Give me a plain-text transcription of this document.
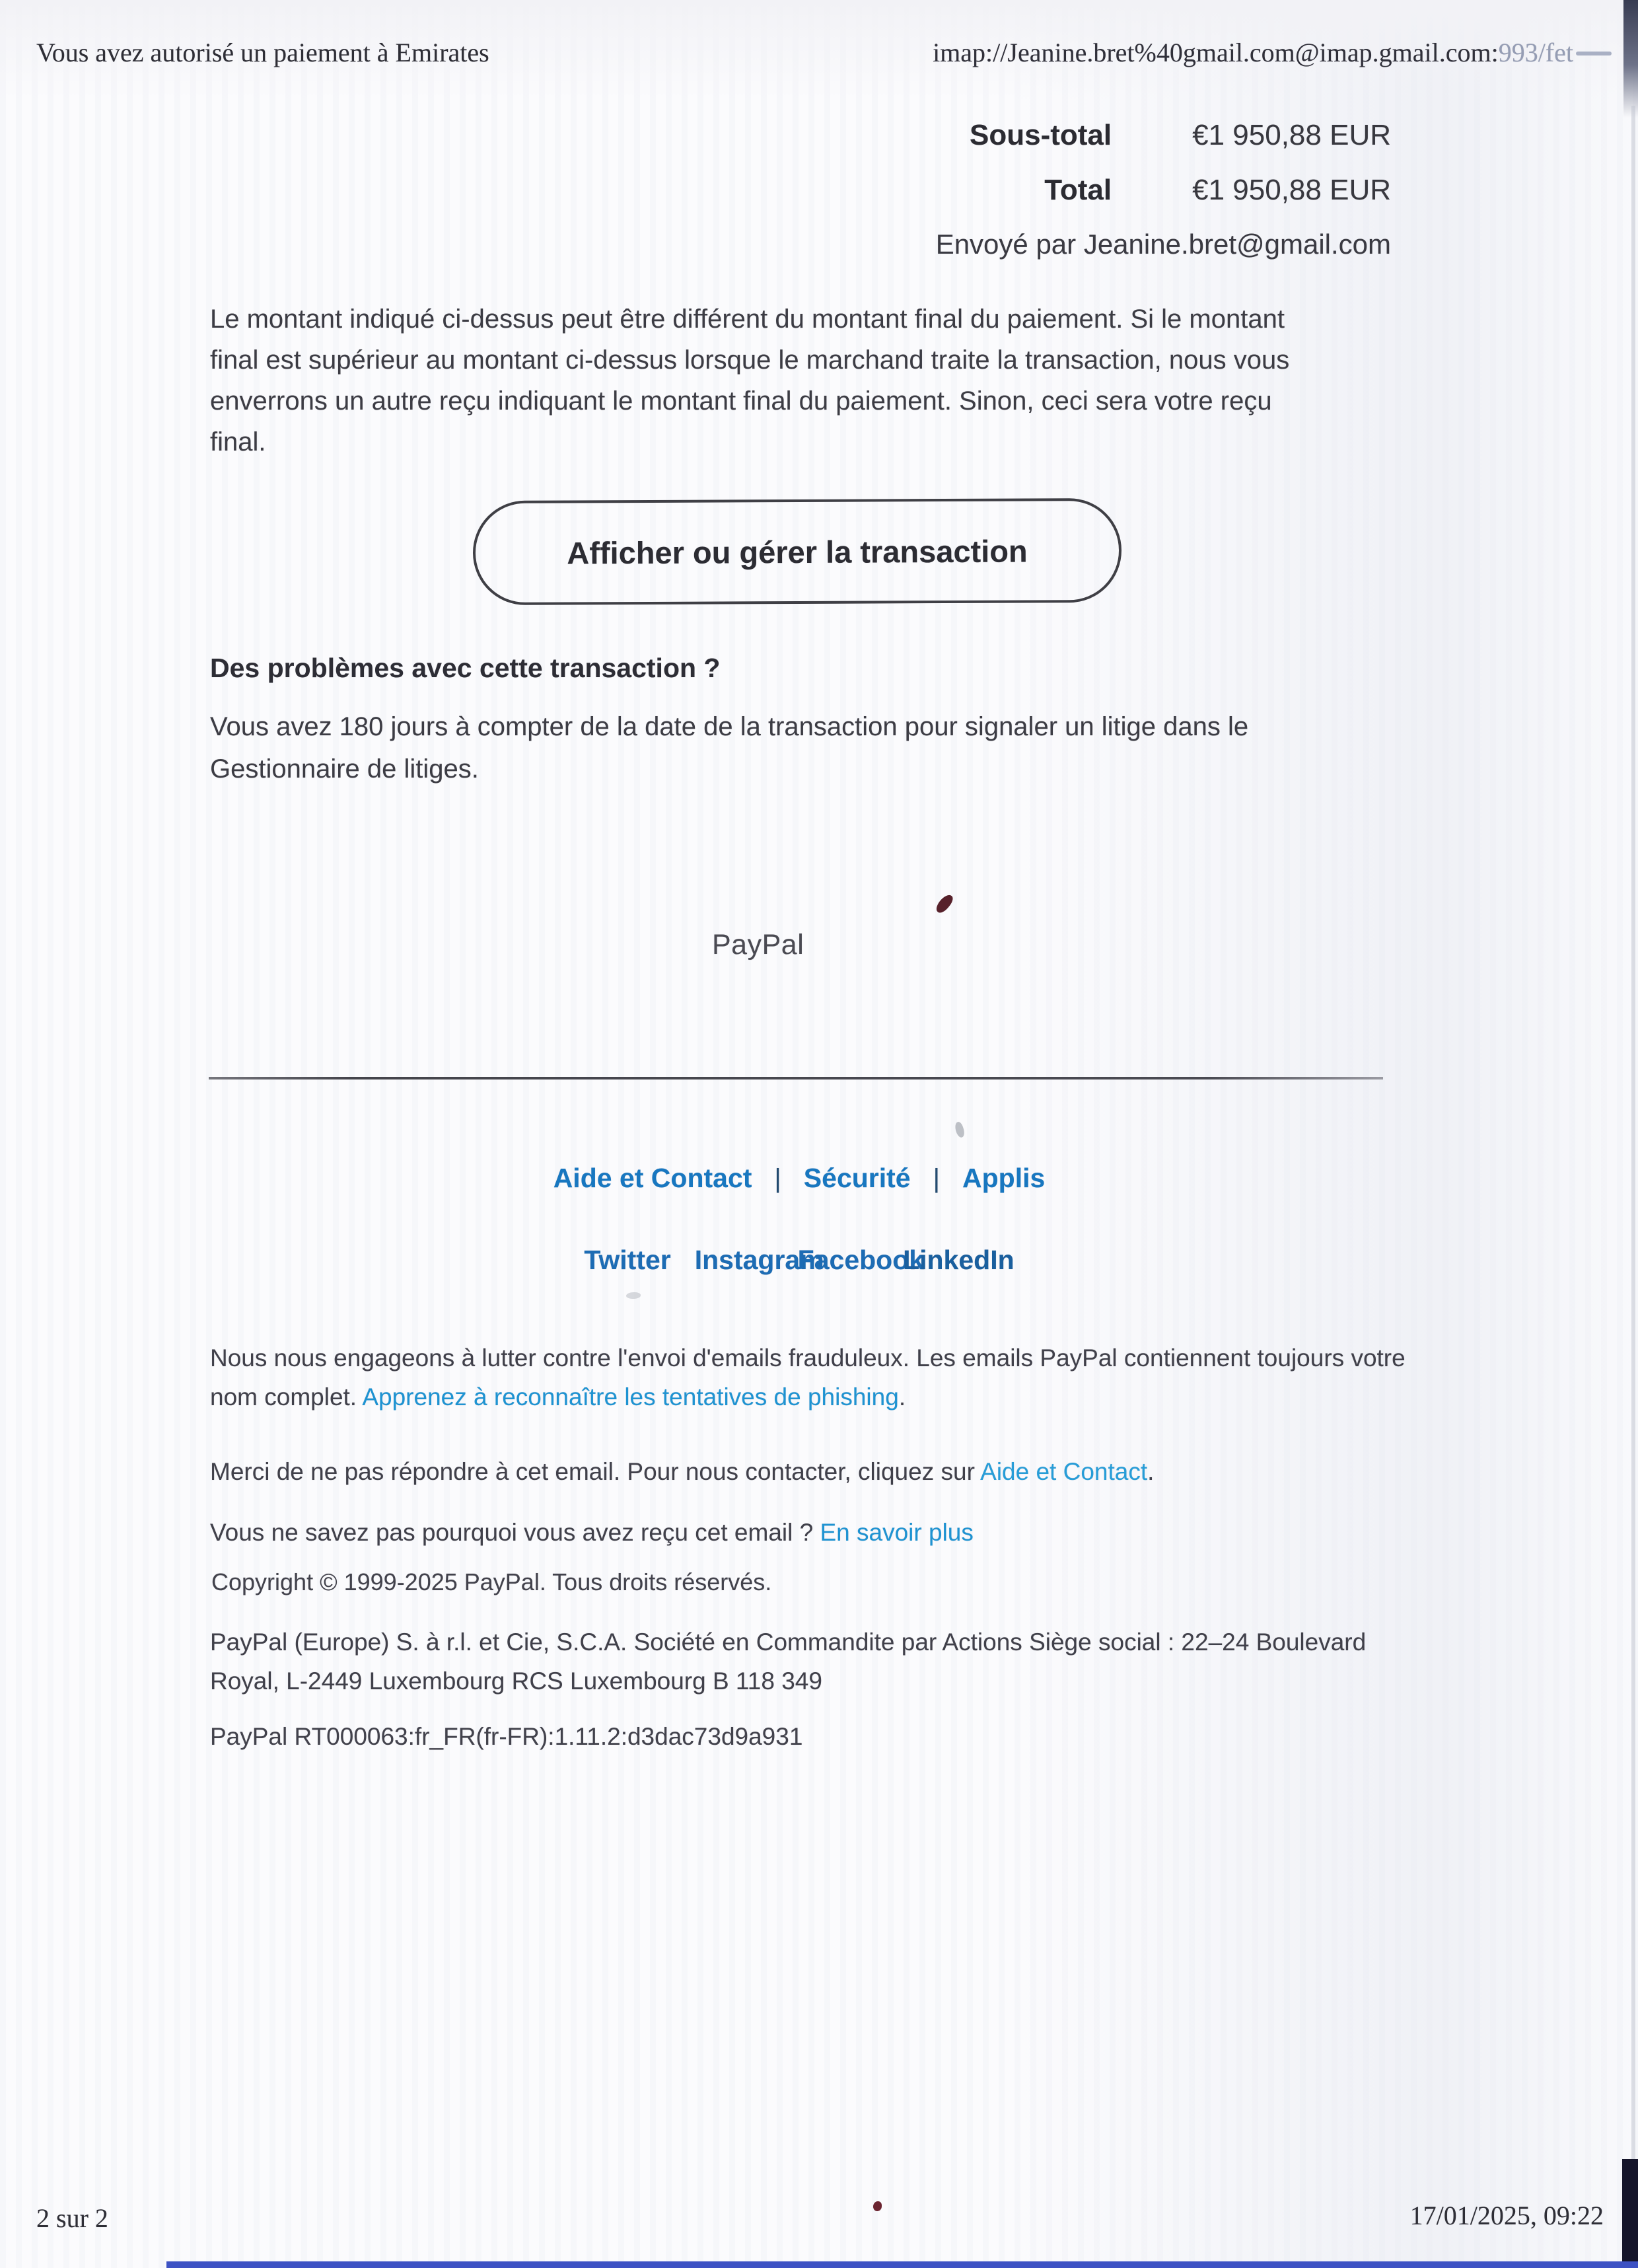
Vous avez autorisé un paiement à Emirates	imap://Jeanine.bret%40gmail.com@imap.gmail.com:993/fet
Sous-total	€1 950,88 EUR
Total	€1 950,88 EUR
Envoyé par Jeanine.bret@gmail.com
Le montant indiqué ci-dessus peut être différent du montant final du paiement. Si le montant
final est supérieur au montant ci-dessus lorsque le marchand traite la transaction, nous vous
enverrons un autre reçu indiquant le montant final du paiement. Sinon, ceci sera votre reçu
final.
Afficher ou gérer la transaction
Des problèmes avec cette transaction ?
Vous avez 180 jours à compter de la date de la transaction pour signaler un litige dans le
Gestionnaire de litiges.
PayPal
Aide et Contact | Sécurité | Applis
Twitter Instagram
Facebook
LinkedIn
Nous nous engageons à lutter contre l'envoi d'emails frauduleux. Les emails PayPal contiennent toujours votre
nom complet. Apprenez à reconnaître les tentatives de phishing.
Merci de ne pas répondre à cet email. Pour nous contacter, cliquez sur Aide et Contact.
Vous ne savez pas pourquoi vous avez reçu cet email ? En savoir plus
Copyright © 1999-2025 PayPal. Tous droits réservés.
PayPal (Europe) S. à r.l. et Cie, S.C.A. Société en Commandite par Actions Siège social : 22–24 Boulevard
Royal, L-2449 Luxembourg RCS Luxembourg B 118 349
PayPal RT000063:fr_FR(fr-FR):1.11.2:d3dac73d9a931
2 sur 2	17/01/2025, 09:22
